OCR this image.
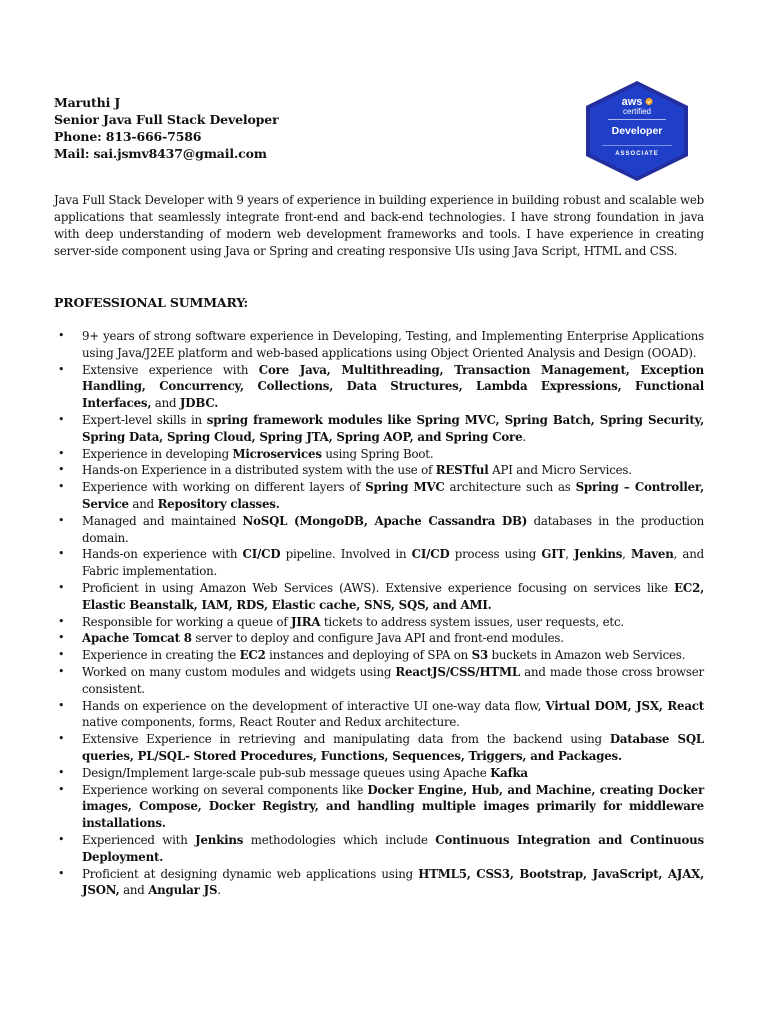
Maruthi J
Senior Java Full Stack Developer
Phone: 813-666-7586
Mail: sai.jsmv8437@gmail.com
aws
certified
Developer
ASSOCIATE

Java Full Stack Developer with 9 years of experience in building experience in building robust and scalable web applications that seamlessly integrate front-end and back-end technologies. I have strong foundation in java with deep understanding of modern web development frameworks and tools. I have experience in creating server-side component using Java or Spring and creating responsive UIs using Java Script, HTML and CSS.

PROFESSIONAL SUMMARY:
• 9+ years of strong software experience in Developing, Testing, and Implementing Enterprise Applications using Java/J2EE platform and web-based applications using Object Oriented Analysis and Design (OOAD).
• Extensive experience with Core Java, Multithreading, Transaction Management, Exception Handling, Concurrency, Collections, Data Structures, Lambda Expressions, Functional Interfaces, and JDBC.
• Expert-level skills in spring framework modules like Spring MVC, Spring Batch, Spring Security, Spring Data, Spring Cloud, Spring JTA, Spring AOP, and Spring Core.
• Experience in developing Microservices using Spring Boot.
• Hands-on Experience in a distributed system with the use of RESTful API and Micro Services.
• Experience with working on different layers of Spring MVC architecture such as Spring – Controller, Service and Repository classes.
• Managed and maintained NoSQL (MongoDB, Apache Cassandra DB) databases in the production domain.
• Hands-on experience with CI/CD pipeline. Involved in CI/CD process using GIT, Jenkins, Maven, and Fabric implementation.
• Proficient in using Amazon Web Services (AWS). Extensive experience focusing on services like EC2, Elastic Beanstalk, IAM, RDS, Elastic cache, SNS, SQS, and AMI.
• Responsible for working a queue of JIRA tickets to address system issues, user requests, etc.
• Apache Tomcat 8 server to deploy and configure Java API and front-end modules.
• Experience in creating the EC2 instances and deploying of SPA on S3 buckets in Amazon web Services.
• Worked on many custom modules and widgets using ReactJS/CSS/HTML and made those cross browser consistent.
• Hands on experience on the development of interactive UI one-way data flow, Virtual DOM, JSX, React native components, forms, React Router and Redux architecture.
• Extensive Experience in retrieving and manipulating data from the backend using Database SQL queries, PL/SQL- Stored Procedures, Functions, Sequences, Triggers, and Packages.
• Design/Implement large-scale pub-sub message queues using Apache Kafka
• Experience working on several components like Docker Engine, Hub, and Machine, creating Docker images, Compose, Docker Registry, and handling multiple images primarily for middleware installations.
• Experienced with Jenkins methodologies which include Continuous Integration and Continuous Deployment.
• Proficient at designing dynamic web applications using HTML5, CSS3, Bootstrap, JavaScript, AJAX, JSON, and Angular JS.
